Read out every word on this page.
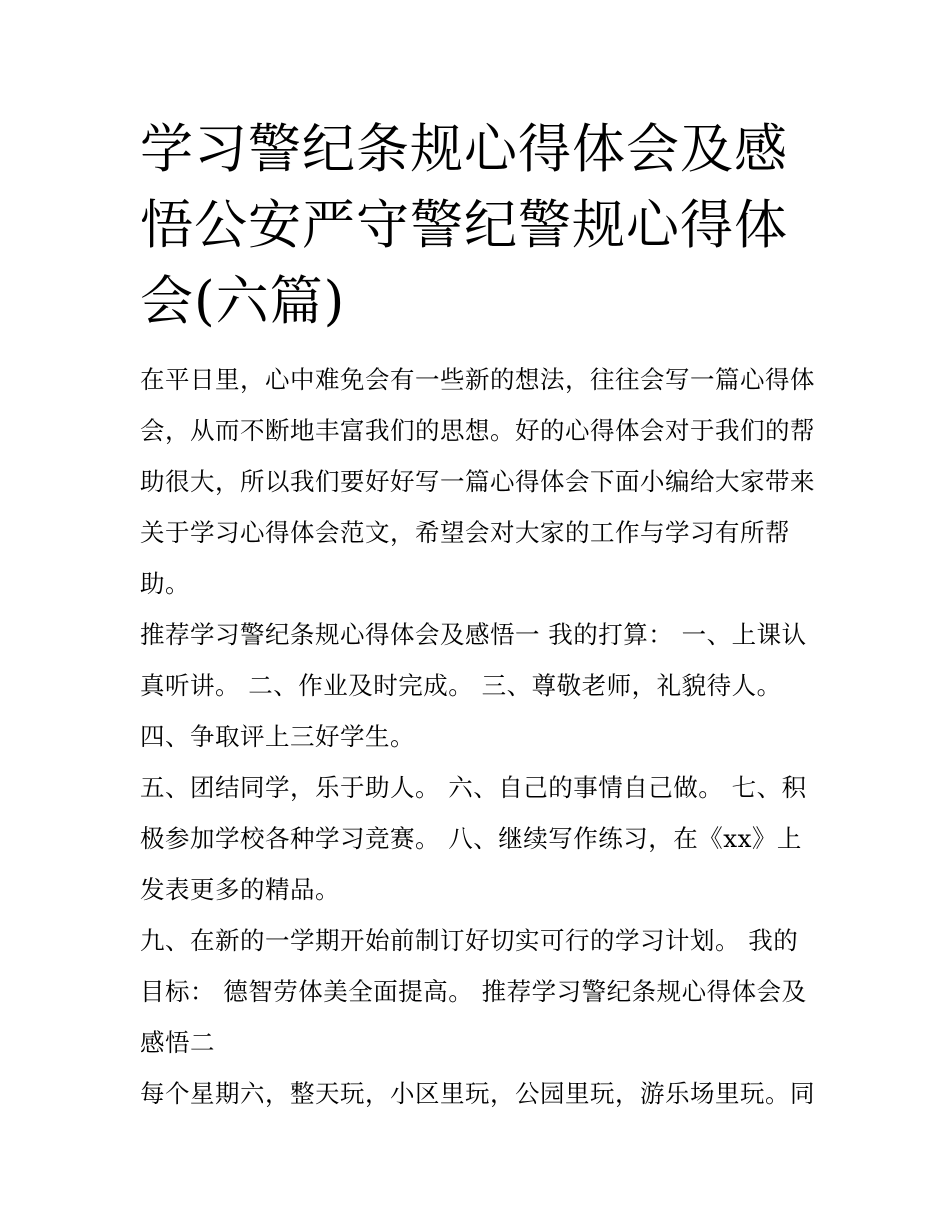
学习警纪条规心得体会及感悟公安严守警纪警规心得体会(六篇)

在平日里，心中难免会有一些新的想法，往往会写一篇心得体会，从而不断地丰富我们的思想。好的心得体会对于我们的帮助很大，所以我们要好好写一篇心得体会下面小编给大家带来关于学习心得体会范文，希望会对大家的工作与学习有所帮助。

推荐学习警纪条规心得体会及感悟一 我的打算： 一、上课认真听讲。 二、作业及时完成。 三、尊敬老师，礼貌待人。

四、争取评上三好学生。

五、团结同学，乐于助人。 六、自己的事情自己做。 七、积极参加学校各种学习竞赛。 八、继续写作练习，在《xx》上发表更多的精品。

九、在新的一学期开始前制订好切实可行的学习计划。 我的目标： 德智劳体美全面提高。 推荐学习警纪条规心得体会及感悟二

每个星期六，整天玩，小区里玩，公园里玩，游乐场里玩。同
